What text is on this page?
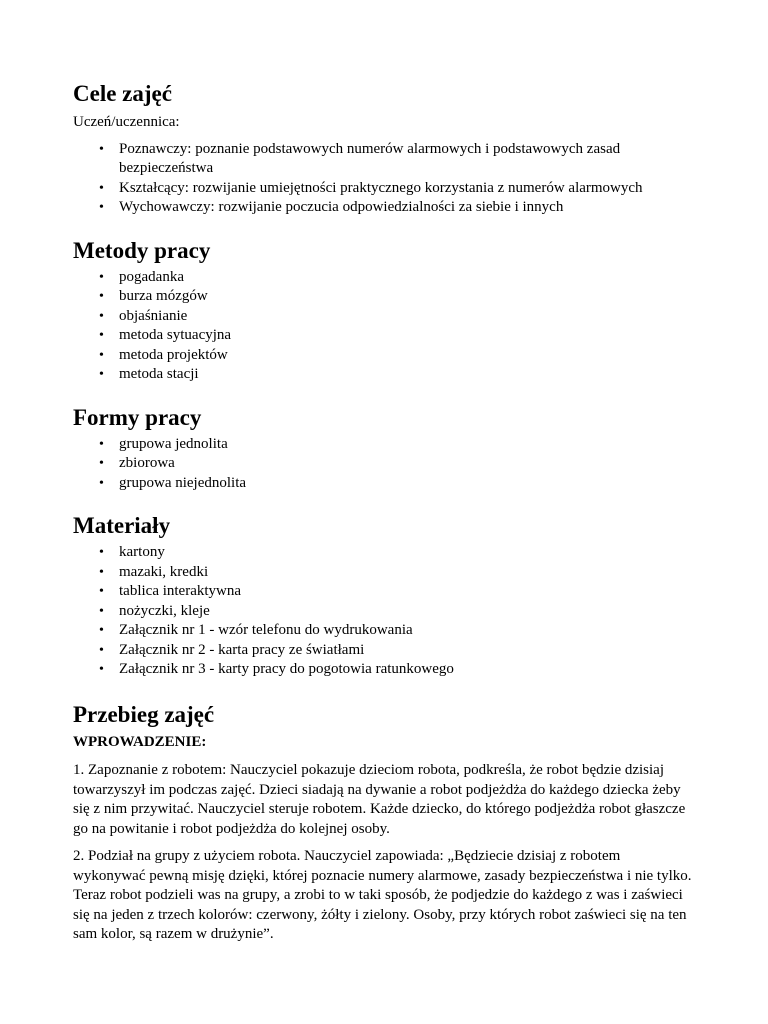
Cele zajęć

Uczeń/uczennica:

• Poznawczy: poznanie podstawowych numerów alarmowych i podstawowych zasad bezpieczeństwa
• Kształcący: rozwijanie umiejętności praktycznego korzystania z numerów alarmowych
• Wychowawczy: rozwijanie poczucia odpowiedzialności za siebie i innych
Metody pracy
• pogadanka
• burza mózgów
• objaśnianie
• metoda sytuacyjna
• metoda projektów
• metoda stacji
Formy pracy
• grupowa jednolita
• zbiorowa
• grupowa niejednolita
Materiały
• kartony
• mazaki, kredki
• tablica interaktywna
• nożyczki, kleje
• Załącznik nr 1 - wzór telefonu do wydrukowania
• Załącznik nr 2 - karta pracy ze światłami
• Załącznik nr 3 - karty pracy do pogotowia ratunkowego
Przebieg zajęć

WPROWADZENIE:

1. Zapoznanie z robotem: Nauczyciel pokazuje dzieciom robota, podkreśla, że robot będzie dzisiaj towarzyszył im podczas zajęć. Dzieci siadają na dywanie a robot podjeżdża do każdego dziecka żeby się z nim przywitać. Nauczyciel steruje robotem. Każde dziecko, do którego podjeżdża robot głaszcze go na powitanie i robot podjeżdża do kolejnej osoby.

2. Podział na grupy z użyciem robota. Nauczyciel zapowiada: „Będziecie dzisiaj z robotem wykonywać pewną misję dzięki, której poznacie numery alarmowe, zasady bezpieczeństwa i nie tylko. Teraz robot podzieli was na grupy, a zrobi to w taki sposób, że podjedzie do każdego z was i zaświeci się na jeden z trzech kolorów: czerwony, żółty i zielony. Osoby, przy których robot zaświeci się na ten sam kolor, są razem w drużynie”.
